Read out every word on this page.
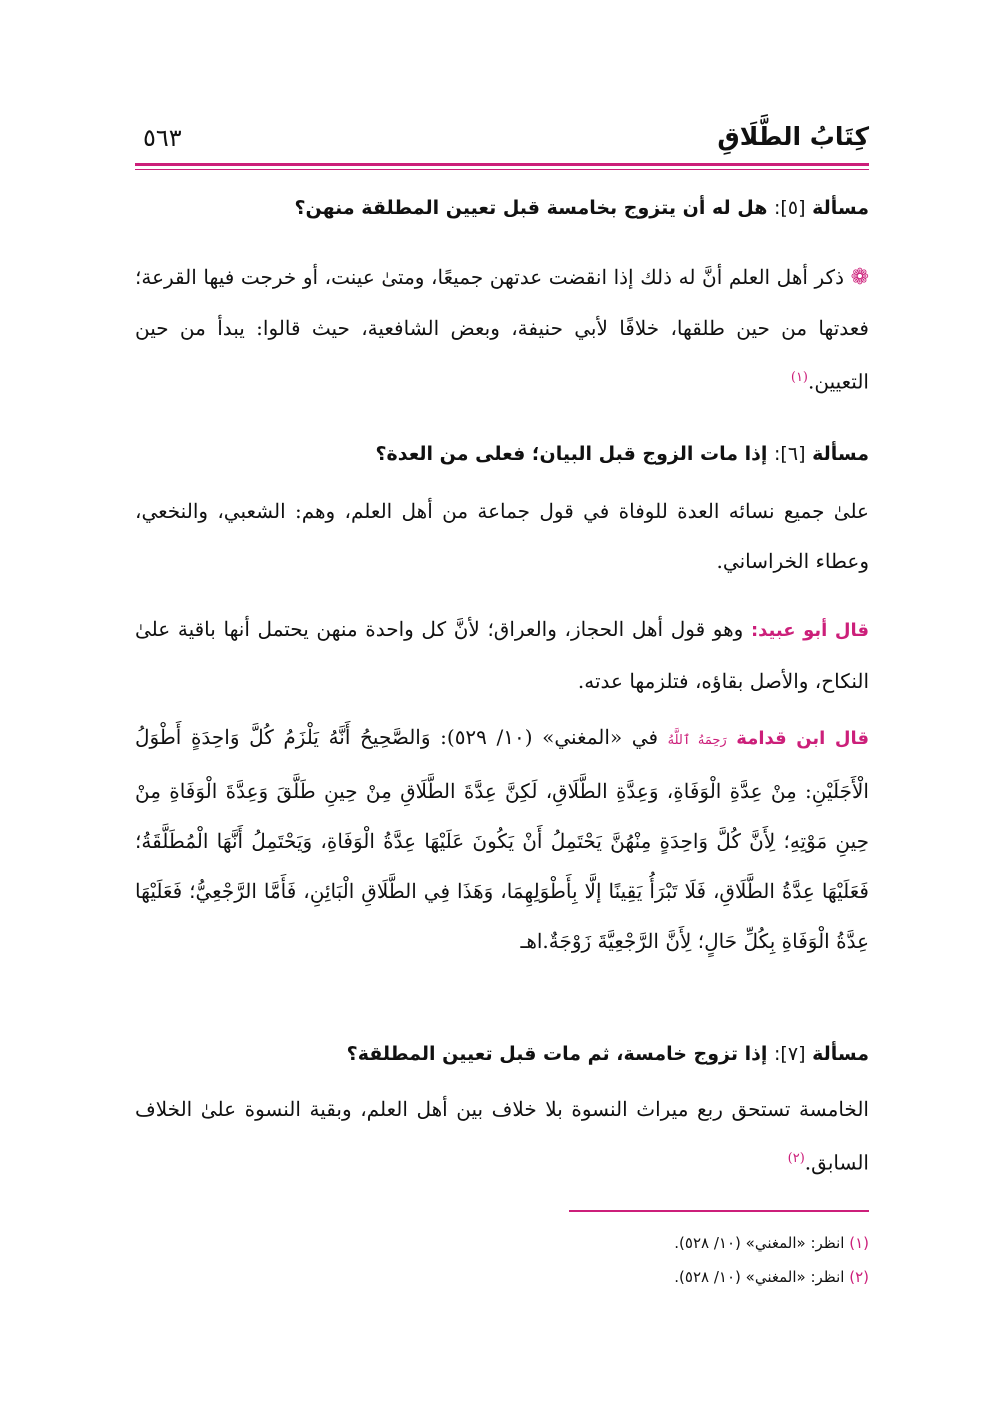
كِتَابُ الطَّلَاقِ
٥٦٣
مسألة [٥]: هل له أن يتزوج بخامسة قبل تعيين المطلقة منهن؟
❁ ذكر أهل العلم أنَّ له ذلك إذا انقضت عدتهن جميعًا، ومتىٰ عينت، أو خرجت فيها القرعة؛ فعدتها من حين طلقها، خلافًا لأبي حنيفة، وبعض الشافعية، حيث قالوا: يبدأ من حين التعيين.$^{(١)}$
مسألة [٦]: إذا مات الزوج قبل البيان؛ فعلى من العدة؟
علىٰ جميع نسائه العدة للوفاة في قول جماعة من أهل العلم، وهم: الشعبي، والنخعي، وعطاء الخراساني.
قال أبو عبيد: وهو قول أهل الحجاز، والعراق؛ لأنَّ كل واحدة منهن يحتمل أنها باقية علىٰ النكاح، والأصل بقاؤه، فتلزمها عدته.
قال ابن قدامة رَحِمَهُ ٱللَّهُ في «المغني» (١٠/ ٥٢٩): وَالصَّحِيحُ أَنَّهُ يَلْزَمُ كُلَّ وَاحِدَةٍ أَطْوَلُ الْأَجَلَيْنِ: مِنْ عِدَّةِ الْوَفَاةِ، وَعِدَّةِ الطَّلَاقِ، لَكِنَّ عِدَّةَ الطَّلَاقِ مِنْ حِينِ طَلَّقَ وَعِدَّةَ الْوَفَاةِ مِنْ حِينِ مَوْتِهِ؛ لِأَنَّ كُلَّ وَاحِدَةٍ مِنْهُنَّ يَحْتَمِلُ أَنْ يَكُونَ عَلَيْهَا عِدَّةُ الْوَفَاةِ، وَيَحْتَمِلُ أَنَّهَا الْمُطَلَّقَةُ؛ فَعَلَيْهَا عِدَّةُ الطَّلَاقِ، فَلَا تَبْرَأُ يَقِينًا إلَّا بِأَطْوَلِهِمَا، وَهَذَا فِي الطَّلَاقِ الْبَائِنِ، فَأَمَّا الرَّجْعِيُّ؛ فَعَلَيْهَا عِدَّةُ الْوَفَاةِ بِكُلِّ حَالٍ؛ لِأَنَّ الرَّجْعِيَّةَ زَوْجَةٌ.اهـ
مسألة [٧]: إذا تزوج خامسة، ثم مات قبل تعيين المطلقة؟
الخامسة تستحق ربع ميراث النسوة بلا خلاف بين أهل العلم، وبقية النسوة علىٰ الخلاف السابق.$^{(٢)}$
(١) انظر: «المغني» (١٠/ ٥٢٨).
(٢) انظر: «المغني» (١٠/ ٥٢٨).
